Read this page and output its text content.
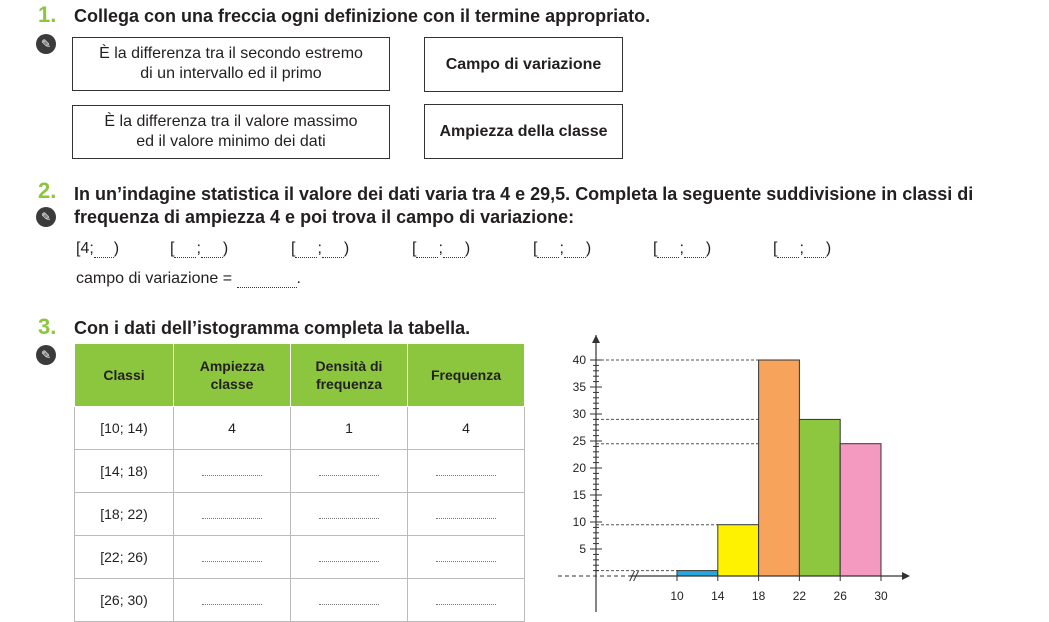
1. Collega con una freccia ogni definizione con il termine appropriato.
✎
È la differenza tra il secondo estremo
di un intervallo ed il primo
Campo di variazione
È la differenza tra il valore massimo
ed il valore minimo dei dati
Ampiezza della classe
2. In un’indagine statistica il valore dei dati varia tra 4 e 29,5. Completa la seguente suddivisione in classi di
frequenza di ampiezza 4 e poi trova il campo di variazione:
✎
[4; )	[ ; )	[ ; )	[ ; )	[ ; )	[ ; )	[ ; )
campo di variazione =	.
3. Con i dati dell’istogramma completa la tabella.
✎
Classi	Ampiezza classe	Densità di frequenza	Frequenza
[10; 14)	4	1	4
[14; 18)			
[18; 22)			
[22; 26)			
[26; 30)			
//
5
10
15
20
25
30
35
40
10 14 18 22 26 30
